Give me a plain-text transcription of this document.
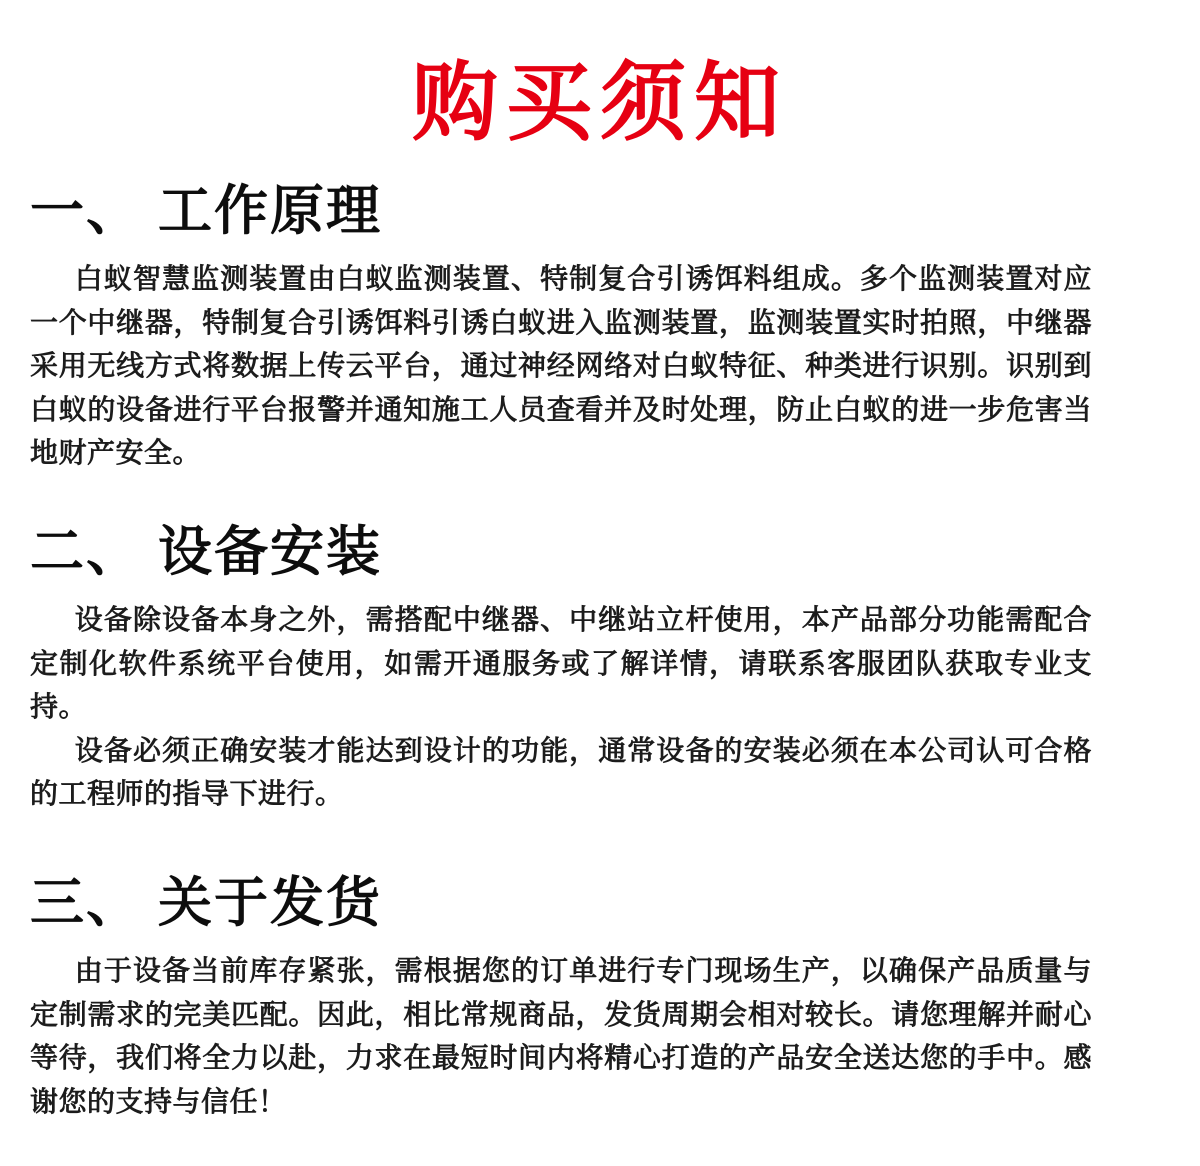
购买须知
一、 工作原理

白蚁智慧监测装置由白蚁监测装置、特制复合引诱饵料组成。多个监测装置对应一个中继器，特制复合引诱饵料引诱白蚁进入监测装置，监测装置实时拍照，中继器采用无线方式将数据上传云平台，通过神经网络对白蚁特征、种类进行识别。识别到白蚁的设备进行平台报警并通知施工人员查看并及时处理，防止白蚁的进一步危害当地财产安全。

二、 设备安装

设备除设备本身之外，需搭配中继器、中继站立杆使用，本产品部分功能需配合定制化软件系统平台使用，如需开通服务或了解详情，请联系客服团队获取专业支持。

设备必须正确安装才能达到设计的功能，通常设备的安装必须在本公司认可合格的工程师的指导下进行。

三、 关于发货

由于设备当前库存紧张，需根据您的订单进行专门现场生产，以确保产品质量与定制需求的完美匹配。因此，相比常规商品，发货周期会相对较长。请您理解并耐心等待，我们将全力以赴，力求在最短时间内将精心打造的产品安全送达您的手中。感谢您的支持与信任！
